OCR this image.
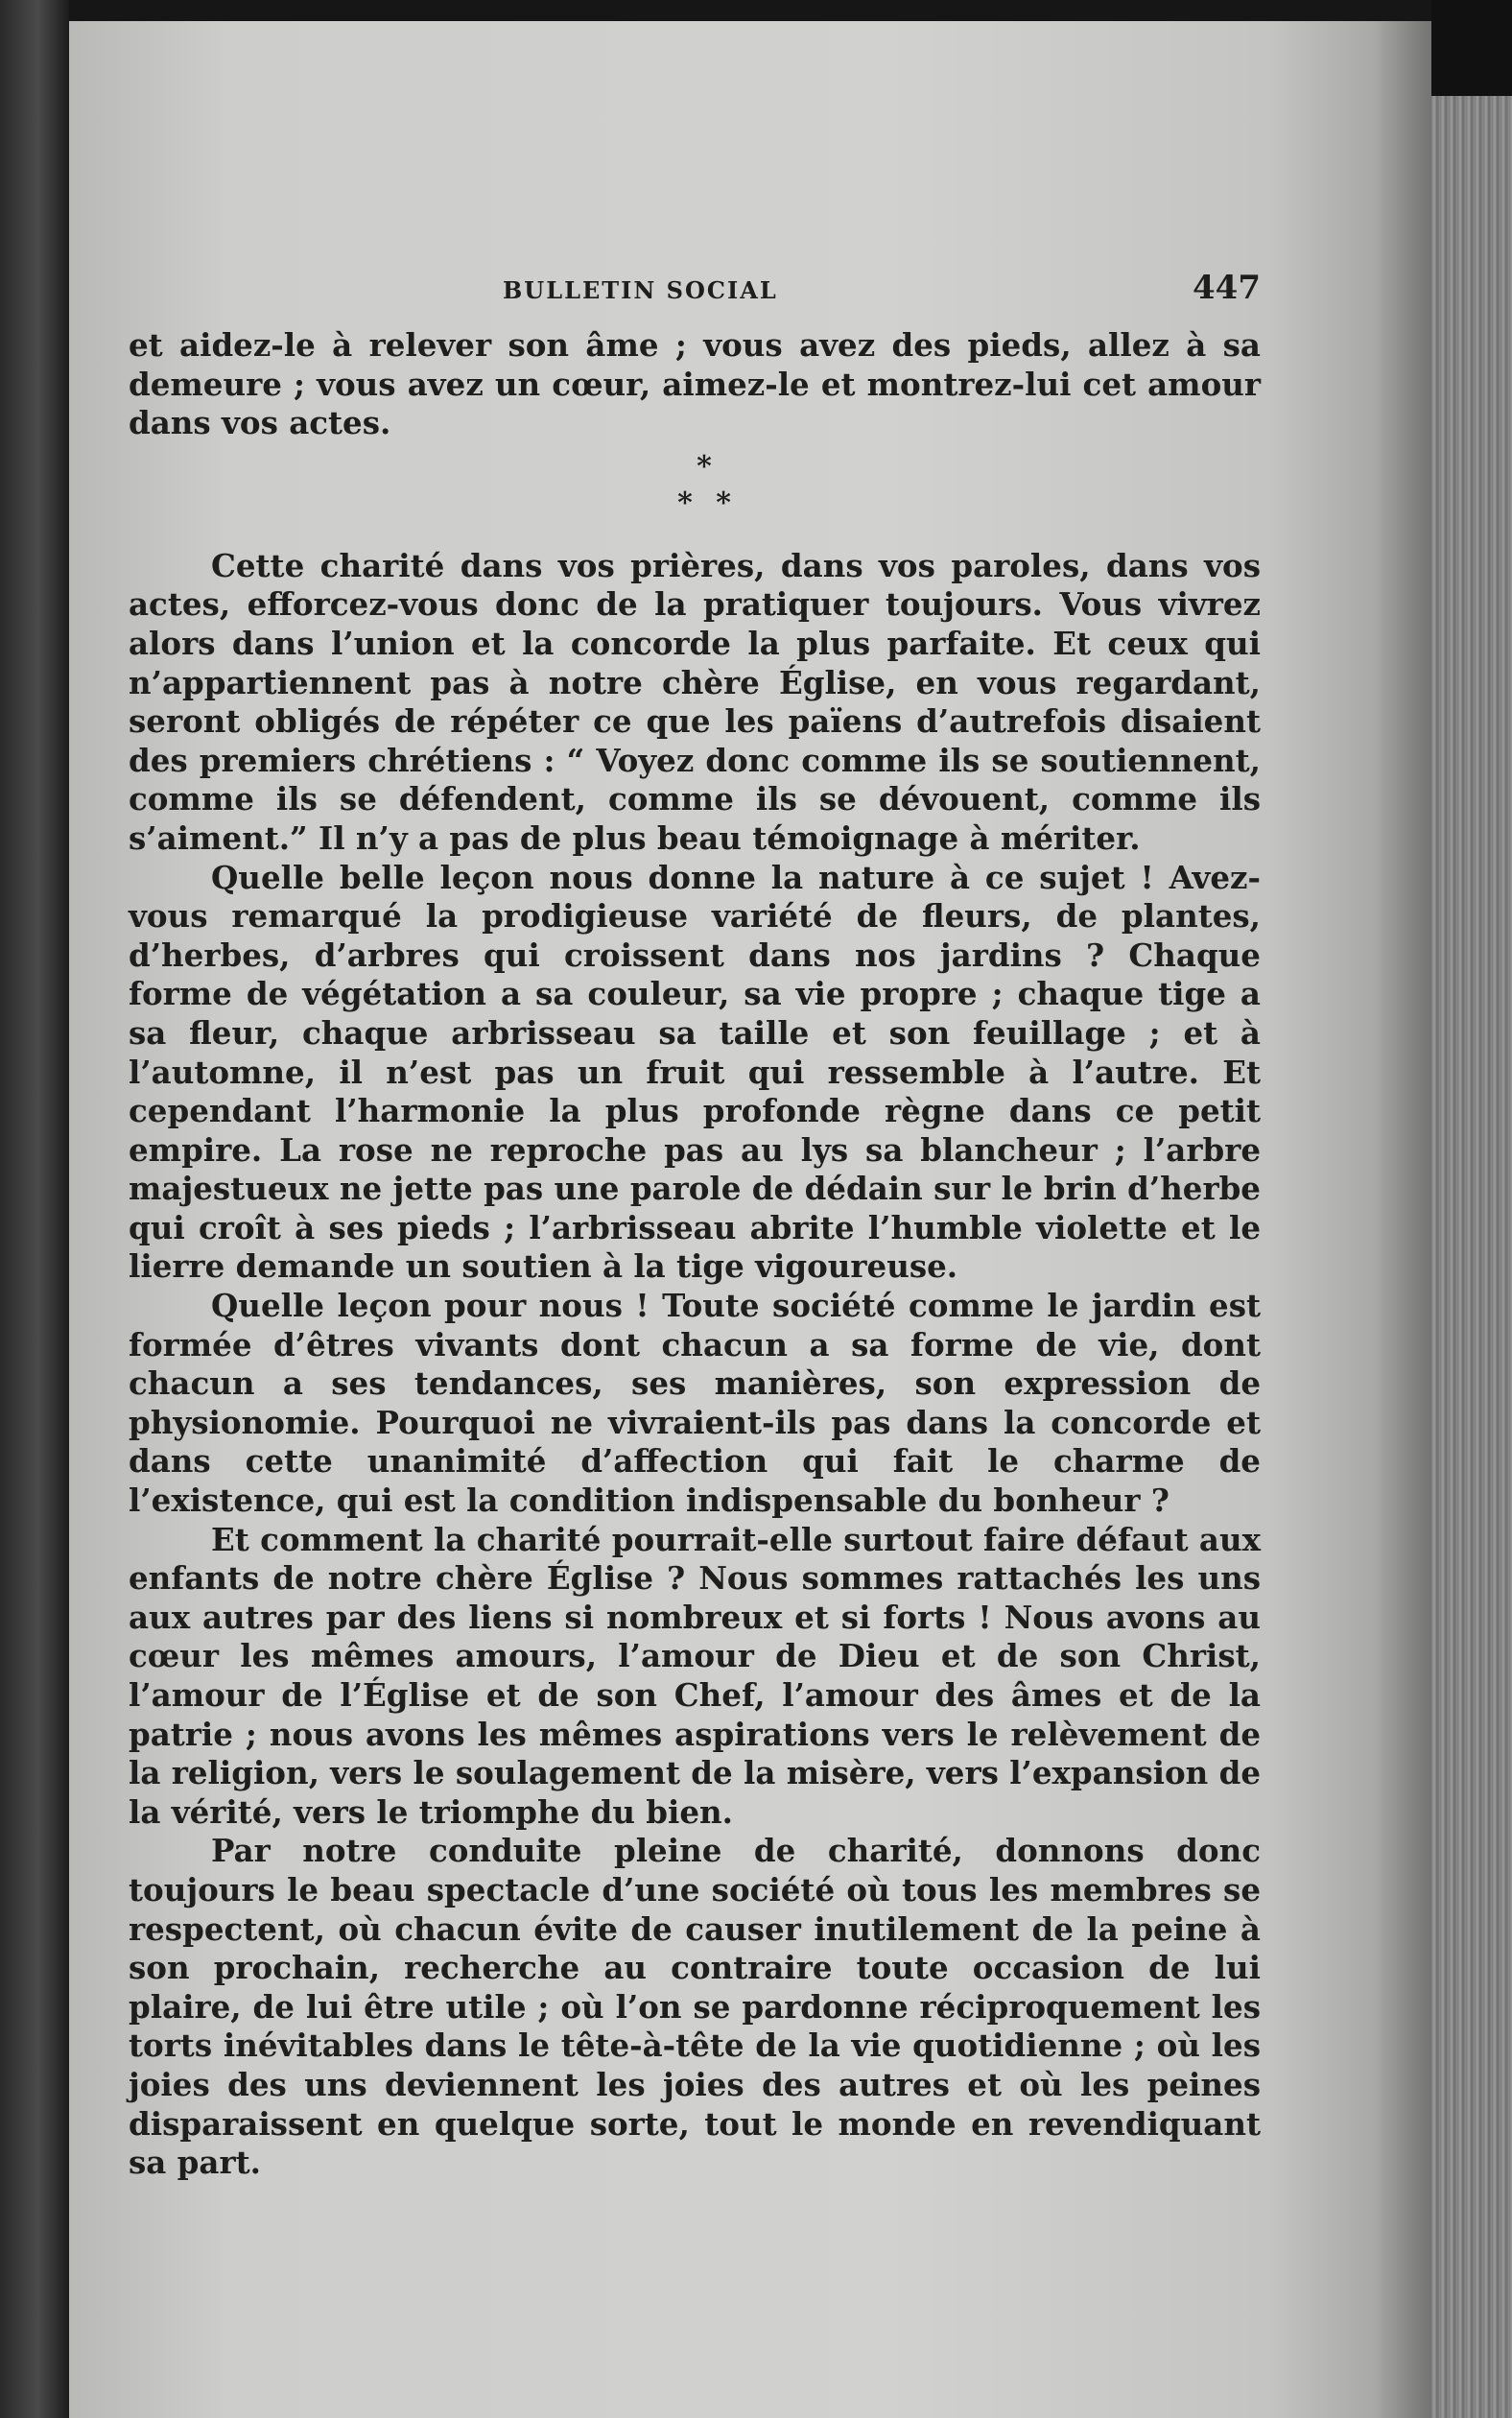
BULLETIN SOCIAL	447

et aidez-le à relever son âme ; vous avez des pieds, allez à sa demeure ; vous avez un cœur, aimez-le et montrez-lui cet amour dans vos actes.

*
* *

Cette charité dans vos prières, dans vos paroles, dans vos actes, efforcez-vous donc de la pratiquer toujours. Vous vivrez alors dans l’union et la concorde la plus parfaite. Et ceux qui n’appartiennent pas à notre chère Église, en vous regardant, seront obligés de répéter ce que les païens d’autrefois disaient des premiers chrétiens : “ Voyez donc comme ils se soutiennent, comme ils se défendent, comme ils se dévouent, comme ils s’aiment.” Il n’y a pas de plus beau témoignage à mériter.

Quelle belle leçon nous donne la nature à ce sujet ! Avez-vous remarqué la prodigieuse variété de fleurs, de plantes, d’herbes, d’arbres qui croissent dans nos jardins ? Chaque forme de végétation a sa couleur, sa vie propre ; chaque tige a sa fleur, chaque arbrisseau sa taille et son feuillage ; et à l’automne, il n’est pas un fruit qui ressemble à l’autre. Et cependant l’harmonie la plus profonde règne dans ce petit empire. La rose ne reproche pas au lys sa blancheur ; l’arbre majestueux ne jette pas une parole de dédain sur le brin d’herbe qui croît à ses pieds ; l’arbrisseau abrite l’humble violette et le lierre demande un soutien à la tige vigoureuse.

Quelle leçon pour nous ! Toute société comme le jardin est formée d’êtres vivants dont chacun a sa forme de vie, dont chacun a ses tendances, ses manières, son expression de physionomie. Pourquoi ne vivraient-ils pas dans la concorde et dans cette unanimité d’affection qui fait le charme de l’existence, qui est la condition indispensable du bonheur ?

Et comment la charité pourrait-elle surtout faire défaut aux enfants de notre chère Église ? Nous sommes rattachés les uns aux autres par des liens si nombreux et si forts ! Nous avons au cœur les mêmes amours, l’amour de Dieu et de son Christ, l’amour de l’Église et de son Chef, l’amour des âmes et de la patrie ; nous avons les mêmes aspirations vers le relèvement de la religion, vers le soulagement de la misère, vers l’expansion de la vérité, vers le triomphe du bien.

Par notre conduite pleine de charité, donnons donc toujours le beau spectacle d’une société où tous les membres se respectent, où chacun évite de causer inutilement de la peine à son prochain, recherche au contraire toute occasion de lui plaire, de lui être utile ; où l’on se pardonne réciproquement les torts inévitables dans le tête-à-tête de la vie quotidienne ; où les joies des uns deviennent les joies des autres et où les peines disparaissent en quelque sorte, tout le monde en revendiquant sa part.
